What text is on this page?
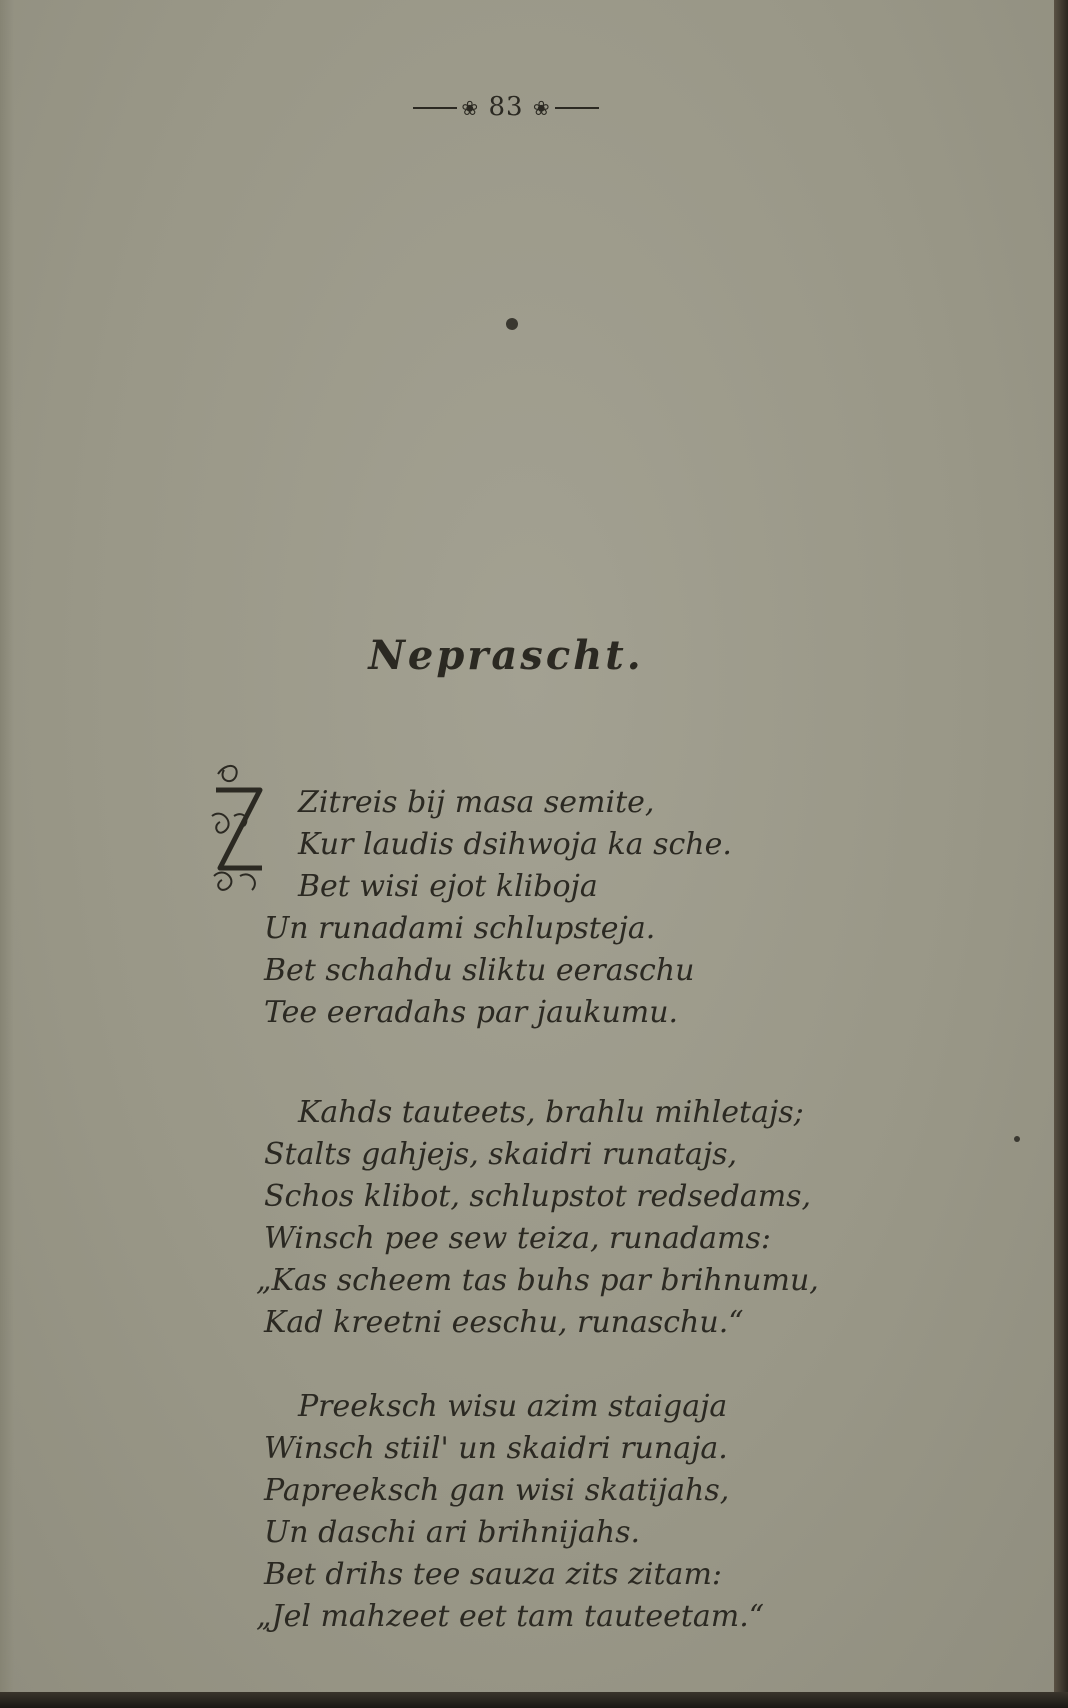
❀ 83 ❀
Neprascht.
Zitreis bij masa semite,
Kur laudis dsihwoja ka sche.
Bet wisi ejot kliboja
Un runadami schlupsteja.
Bet schahdu sliktu eeraschu
Tee eeradahs par jaukumu.
Kahds tauteets, brahlu mihletajs;
Stalts gahjejs, skaidri runatajs,
Schos klibot, schlupstot redsedams,
Winsch pee sew teiza, runadams:
„Kas scheem tas buhs par brihnumu,
Kad kreetni eeschu, runaschu.“
Preeksch wisu azim staigaja
Winsch stiil' un skaidri runaja.
Papreeksch gan wisi skatijahs,
Un daschi ari brihnijahs.
Bet drihs tee sauza zits zitam:
„Jel mahzeet eet tam tauteetam.“
